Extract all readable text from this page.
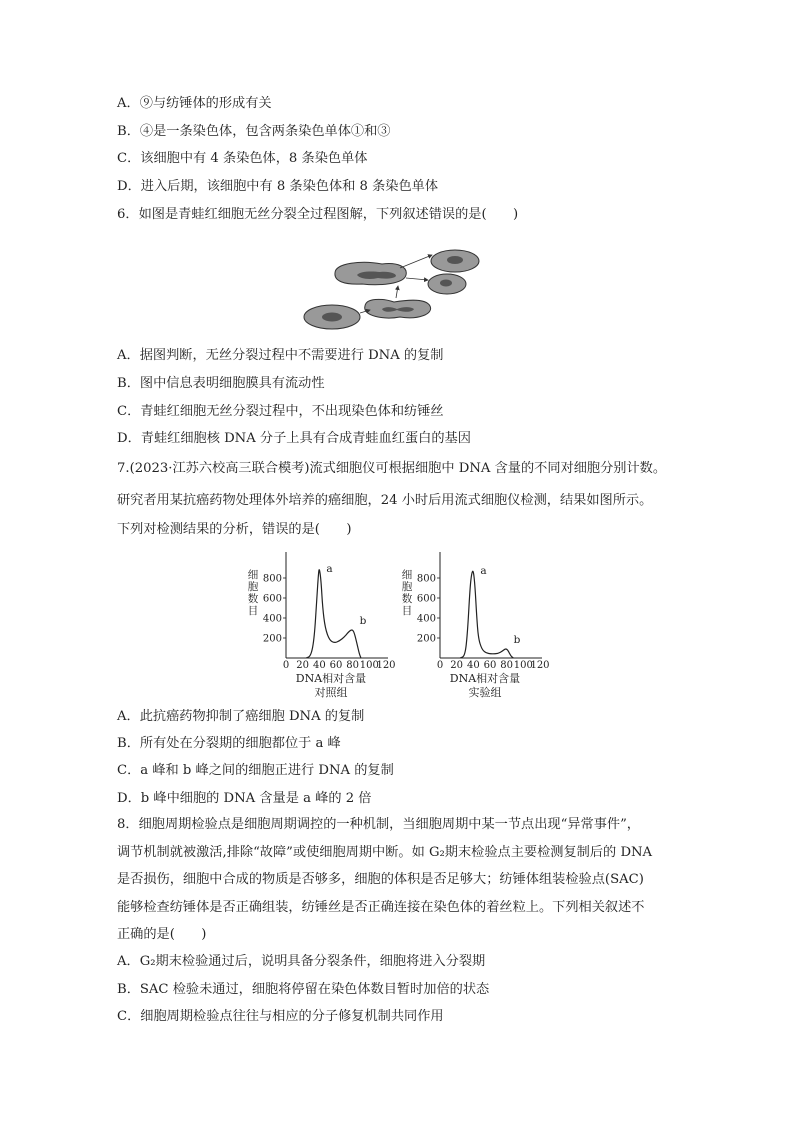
A．⑨与纺锤体的形成有关
B．④是一条染色体，包含两条染色单体①和③
C．该细胞中有 4 条染色体，8 条染色单体
D．进入后期，该细胞中有 8 条染色体和 8 条染色单体
6．如图是青蛙红细胞无丝分裂全过程图解，下列叙述错误的是(　　)
A．据图判断，无丝分裂过程中不需要进行 DNA 的复制
B．图中信息表明细胞膜具有流动性
C．青蛙红细胞无丝分裂过程中，不出现染色体和纺锤丝
D．青蛙红细胞核 DNA 分子上具有合成青蛙血红蛋白的基因
7.(2023·江苏六校高三联合模考)流式细胞仪可根据细胞中 DNA 含量的不同对细胞分别计数。
研究者用某抗癌药物处理体外培养的癌细胞，24 小时后用流式细胞仪检测，结果如图所示。
下列对检测结果的分析，错误的是(　　)
0 20 40 60 80 100
120
200
400
600
800
细
胞
数
目
DNA相对含量
对照组
a
b
0 20 40 60 80 100
120
200
400
600
800
细
胞
数
目
DNA相对含量
实验组
a
b
A．此抗癌药物抑制了癌细胞 DNA 的复制
B．所有处在分裂期的细胞都位于 a 峰
C．a 峰和 b 峰之间的细胞正进行 DNA 的复制
D．b 峰中细胞的 DNA 含量是 a 峰的 2 倍
8．细胞周期检验点是细胞周期调控的一种机制，当细胞周期中某一节点出现“异常事件”，
调节机制就被激活,排除“故障”或使细胞周期中断。如 G₂期末检验点主要检测复制后的 DNA
是否损伤，细胞中合成的物质是否够多，细胞的体积是否足够大；纺锤体组装检验点(SAC)
能够检查纺锤体是否正确组装，纺锤丝是否正确连接在染色体的着丝粒上。下列相关叙述不
正确的是(　　)
A．G₂期末检验通过后，说明具备分裂条件，细胞将进入分裂期
B．SAC 检验未通过，细胞将停留在染色体数目暂时加倍的状态
C．细胞周期检验点往往与相应的分子修复机制共同作用
